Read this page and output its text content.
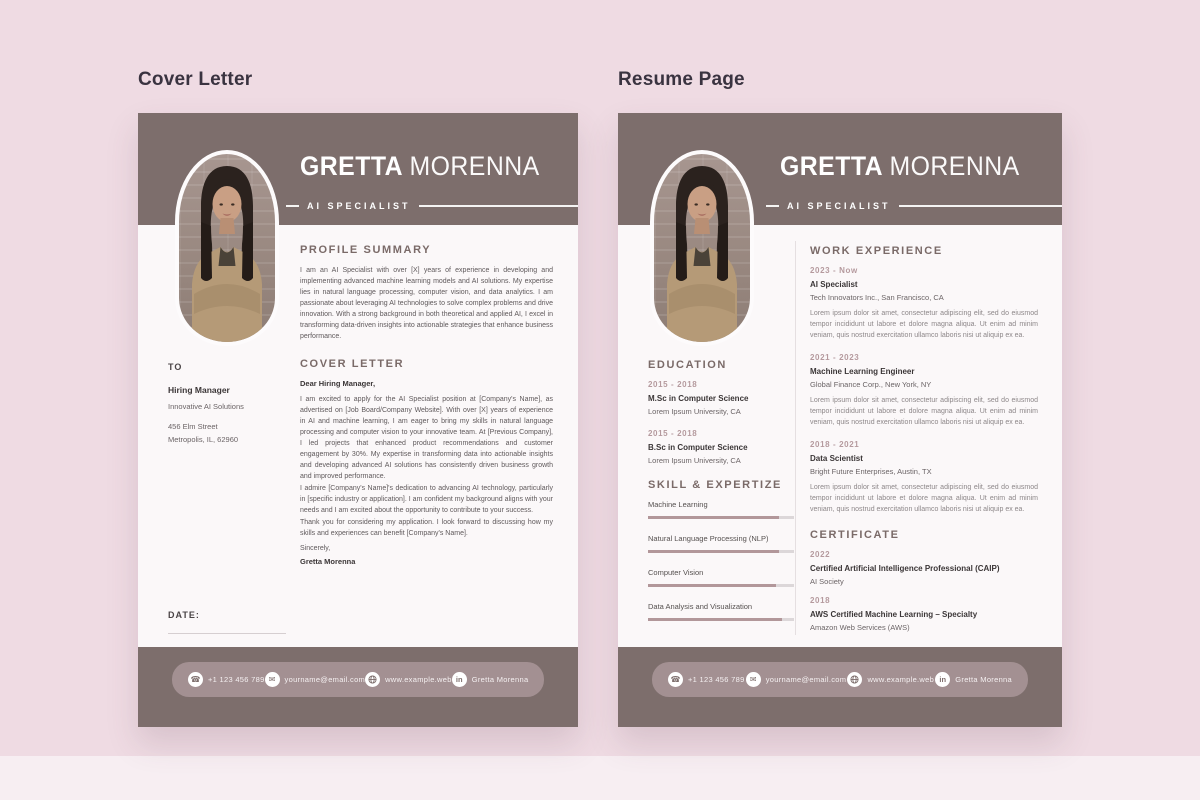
Cover Letter	Resume Page
GRETTA MORENNA
AI SPECIALIST
PROFILE SUMMARY

I am an AI Specialist with over [X] years of experience in developing and implementing advanced machine learning models and AI solutions. My expertise lies in natural language processing, computer vision, and data analytics. I am passionate about leveraging AI technologies to solve complex problems and drive innovation. With a strong background in both theoretical and applied AI, I excel in transforming data-driven insights into actionable strategies that enhance business performance.

COVER LETTER

Dear Hiring Manager,

I am excited to apply for the AI Specialist position at [Company's Name], as advertised on [Job Board/Company Website]. With over [X] years of experience in AI and machine learning, I am eager to bring my skills in natural language processing and computer vision to your innovative team. At [Previous Company], I led projects that enhanced product recommendations and customer engagement by 30%. My expertise in transforming data into actionable insights and developing advanced AI solutions has consistently driven business growth and improved performance.

I admire [Company's Name]'s dedication to advancing AI technology, particularly in [specific industry or application]. I am confident my background aligns with your needs and I am excited about the opportunity to contribute to your success.

Thank you for considering my application. I look forward to discussing how my skills and experiences can benefit [Company's Name].

Sincerely,

Gretta Morenna

TO
Hiring Manager
Innovative AI Solutions
456 Elm Street
Metropolis, IL, 62960
DATE:
☎	+1 123 456 789 ✉	yourname@email.com	www.example.web in	Gretta Morenna
GRETTA MORENNA
AI SPECIALIST
EDUCATION
2015 - 2018
M.Sc in Computer Science
Lorem Ipsum University, CA
2015 - 2018
B.Sc in Computer Science
Lorem Ipsum University, CA
SKILL & EXPERTIZE
Machine Learning
Natural Language Processing (NLP)
Computer Vision
Data Analysis and Visualization
WORK EXPERIENCE
2023 - Now
AI Specialist
Tech Innovators Inc., San Francisco, CA

Lorem ipsum dolor sit amet, consectetur adipiscing elit, sed do eiusmod tempor incididunt ut labore et dolore magna aliqua. Ut enim ad minim veniam, quis nostrud exercitation ullamco laboris nisi ut aliquip ex ea.

2021 - 2023
Machine Learning Engineer
Global Finance Corp., New York, NY

Lorem ipsum dolor sit amet, consectetur adipiscing elit, sed do eiusmod tempor incididunt ut labore et dolore magna aliqua. Ut enim ad minim veniam, quis nostrud exercitation ullamco laboris nisi ut aliquip ex ea.

2018 - 2021
Data Scientist
Bright Future Enterprises, Austin, TX

Lorem ipsum dolor sit amet, consectetur adipiscing elit, sed do eiusmod tempor incididunt ut labore et dolore magna aliqua. Ut enim ad minim veniam, quis nostrud exercitation ullamco laboris nisi ut aliquip ex ea.

CERTIFICATE
2022
Certified Artificial Intelligence Professional (CAIP)
AI Society
2018
AWS Certified Machine Learning – Specialty
Amazon Web Services (AWS)
☎	+1 123 456 789 ✉	yourname@email.com	www.example.web in	Gretta Morenna
